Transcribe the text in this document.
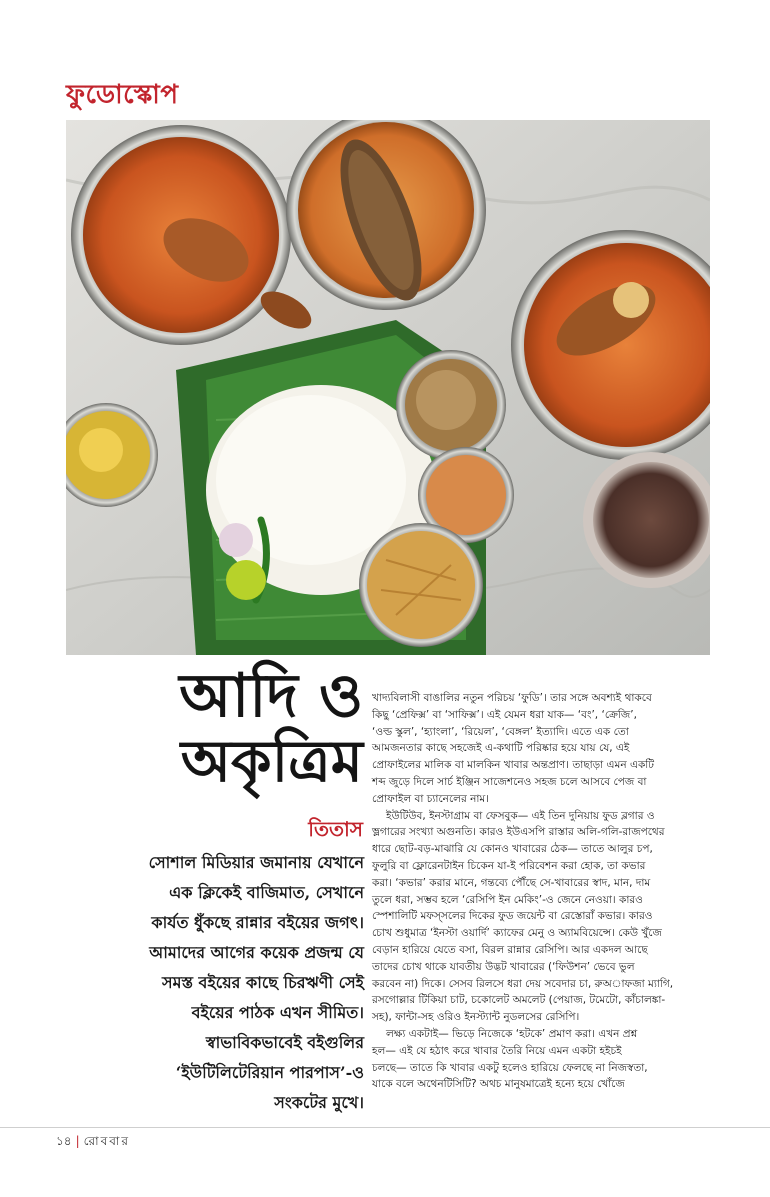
ফুডোস্কোপ
আদি ও
অকৃত্রিম
তিতাস
সোশাল মিডিয়ার জমানায় যেখানে
এক ক্লিকেই বাজিমাত, সেখানে
কার্যত ধুঁকছে রান্নার বইয়ের জগৎ।
আমাদের আগের কয়েক প্রজন্ম যে
সমস্ত বইয়ের কাছে চিরঋণী সেই
বইয়ের পাঠক এখন সীমিত।
স্বাভাবিকভাবেই বইগুলির
‘ইউটিলিটেরিয়ান পারপাস’-ও
সংকটের মুখে।

খাদ্যবিলাসী বাঙালির নতুন পরিচয় ‘ফুডি’। তার সঙ্গে অবশ্যই থাকবে
কিছু ‘প্রেফিক্স’ বা ‘সাফিক্স’। এই যেমন ধরা যাক— ‘বং’, ‘ক্রেজি’,
‘ওল্ড স্কুল’, ‘হ্যাংলা’, ‘রিয়েল’, ‘বেঙ্গল’ ইত্যাদি। এতে এক তো
আমজনতার কাছে সহজেই এ-কথাটি পরিষ্কার হয়ে যায় যে, এই
প্রোফাইলের মালিক বা মালকিন খাবার অন্তপ্রাণ। তাছাড়া এমন একটি
শব্দ জুড়ে দিলে সার্চ ইঞ্জিন সাজেশনেও সহজ চলে আসবে পেজ বা
প্রোফাইল বা চ্যানেলের নাম।

ইউটিউব, ইনস্টাগ্রাম বা ফেসবুক— এই তিন দুনিয়ায় ফুড ব্লগার ও
ভ্লগারের সংখ্যা অগুনতি। কারও ইউএসপি রাস্তার অলি-গলি-রাজপথের
ধারে ছোট-বড়-মাঝারি যে কোনও খাবারের ঠেক— তাতে আলুর চপ,
ফুলুরি বা ফ্লোরেনটাইন চিকেন যা-ই পরিবেশন করা হোক, তা কভার
করা। ‘কভার’ করার মানে, গন্তব্যে পৌঁছে সে-খাবারের স্বাদ, মান, দাম
তুলে ধরা, সম্ভব হলে ‘রেসিপি ইন মেকিং’-ও জেনে নেওয়া। কারও
স্পেশালিটি মফস্সলের দিকের ফুড জয়েন্ট বা রেস্তোরাঁ কভার। কারও
চোখ শুধুমাত্র ‘ইনস্টা ওয়ার্দি’ ক্যাফের মেনু ও অ্যামবিয়েন্সে। কেউ খুঁজে
বেড়ান হারিয়ে যেতে বসা, বিরল রান্নার রেসিপি। আর একদল আছে
তাদের চোখ থাকে যাবতীয় উদ্ভট খাবারের (‘ফিউশন’ ভেবে ভুল
করবেন না) দিকে। সেসব রিলসে ধরা দেয় সবেদার চা, রুঅাফজা ম্যাগি,
রসগোল্লার টিকিয়া চাট, চকোলেট অমলেট (পেয়াজ, টমেটো, কাঁচালঙ্কা-
সহ), ফান্টা-সহ ওরিও ইনস্ট্যান্ট নুডলসের রেসিপি।

লক্ষ্য একটাই— ভিড়ে নিজেকে ‘হটকে’ প্রমাণ করা। এখন প্রশ্ন
হল— এই যে হঠাৎ করে খাবার তৈরি নিয়ে এমন একটা হইচই
চলছে— তাতে কি খাবার একটু হলেও হারিয়ে ফেলছে না নিজস্বতা,
যাকে বলে অথেনটিসিটি? অথচ মানুষমাত্রেই হন্যে হয়ে খোঁজে

১৪ | রোববার
